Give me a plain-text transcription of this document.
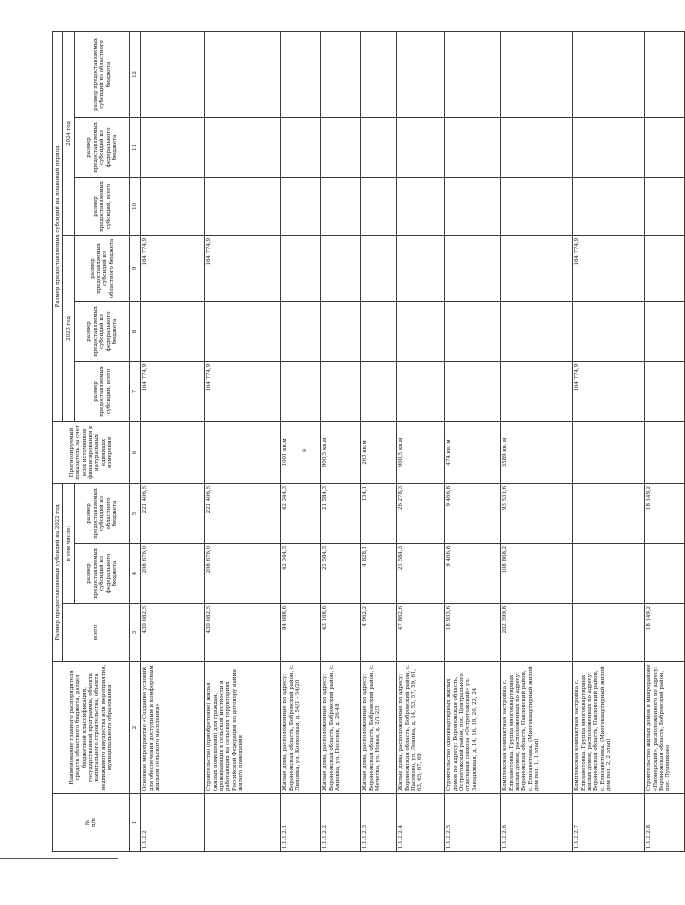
8
№
п/п	Наименование главного распорядителя средств областного бюджета, раздел бюджетной классификации, государственной программы, объекта капитального строительства, объекта недвижимого имущества или мероприятия, муниципального образования	Размер предоставляемых субсидий на 2022 год			Прогнозируемый показатель за счет всех источников финансирования в натуральных единицах измерения	Размер предоставляемых субсидий на плановый период					
		всего	в том числе:			2023 год			2024 год		
			размер предоставляемых субсидий из федерального бюджета	размер предоставляемых субсидий из областного бюджета		размер предоставляемых субсидий, всего	размер предоставляемых субсидий из федерального бюджета	размер предоставляемых субсидий из областного бюджета	размер предоставляемых субсидий, всего	размер предоставляемых субсидий из федерального бюджета	размер предоставляемых субсидий из областного бюджета

1	2	3	4	5	6	7	8	9	10	11	12
1.1.1.2	Основное мероприятие «Создание условий для обеспечения доступным и комфортным жильем сельского населения»	430 082,5	208 676,0	221 406,5		164 774,9		164 774,9			
	Строительство (приобретение) жилья (жилых помещений) для граждан, проживающих в сельской местности и работающих на сельских территориях Российской Федерации по договору найма жилого помещения	430 082,5	208 676,0	221 406,5		164 774,9		164 774,9			
1.1.1.2.1	Жилые дома, расположенные по адресу: Воронежская область, Бобровский район, с. Липовка, ул. Колхозная, д. 54/1 - 54/20	84 688,6	42 344,3	42 344,3	1001 кв.м						
1.1.1.2.2	Жилые дома, расположенные по адресу: Воронежская область, Бобровский район, с. Анновка, ул. Поселок, д. 26-48	43 168,6	21 584,3	21 584,3	900,5 кв.м						
1.1.1.2.3	Жилые дома, расположенные по адресу: Воронежская область, Бобровский район, с. Мечетка, ул. Новая, д. 2/1-2/3	4 962,2	4 828,1	134,1	263 кв.м						
1.1.1.2.4	Жилые дома, расположенные по адресу: Воронежская область, Бобровский район, с. Пасеково, ул. Ленина, д. 14, 53, 57, 59, 61, 63, 65, 67, 69	47 862,6	21 584,3	26 278,3	900,5 кв.м						
1.1.1.2.5	Строительство одноквартирных жилых домов по адресу: Воронежская область, Острогожский район, пос. Центрального отделения совхоза «Острогожский» ул. Заводяжная, д. 14, 16, 18, 20, 22, 24	18 933,6	9 466,8	9 466,8	474 кв. м						
1.1.1.2.6	Комплексная компактная застройка с. Елизаветовка. Группа многоквартирных жилых домов, расположенных по адресу: Воронежская область, Павловский район, с. Елизаветовка. (Многоквартирный жилой дом поз. 1, 1 этап)	202 399,8	108 868,2	93 531,6	3589 кв. м						
1.1.1.2.7	Комплексная компактная застройка с. Елизаветовка. Группа многоквартирных жилых домов, расположенных по адресу: Воронежская область, Павловский район, с. Елизаветовка. (Многоквартирный жилой дом поз. 2, 2 этап)					164 774,9		164 774,9			
1.1.1.2.8	Строительство жилых домов в микрорайоне «Пионерский», расположенного по адресу: Воронежская область, Бобровский район, пос. Лушниково	18 149,2		18 149,2							
